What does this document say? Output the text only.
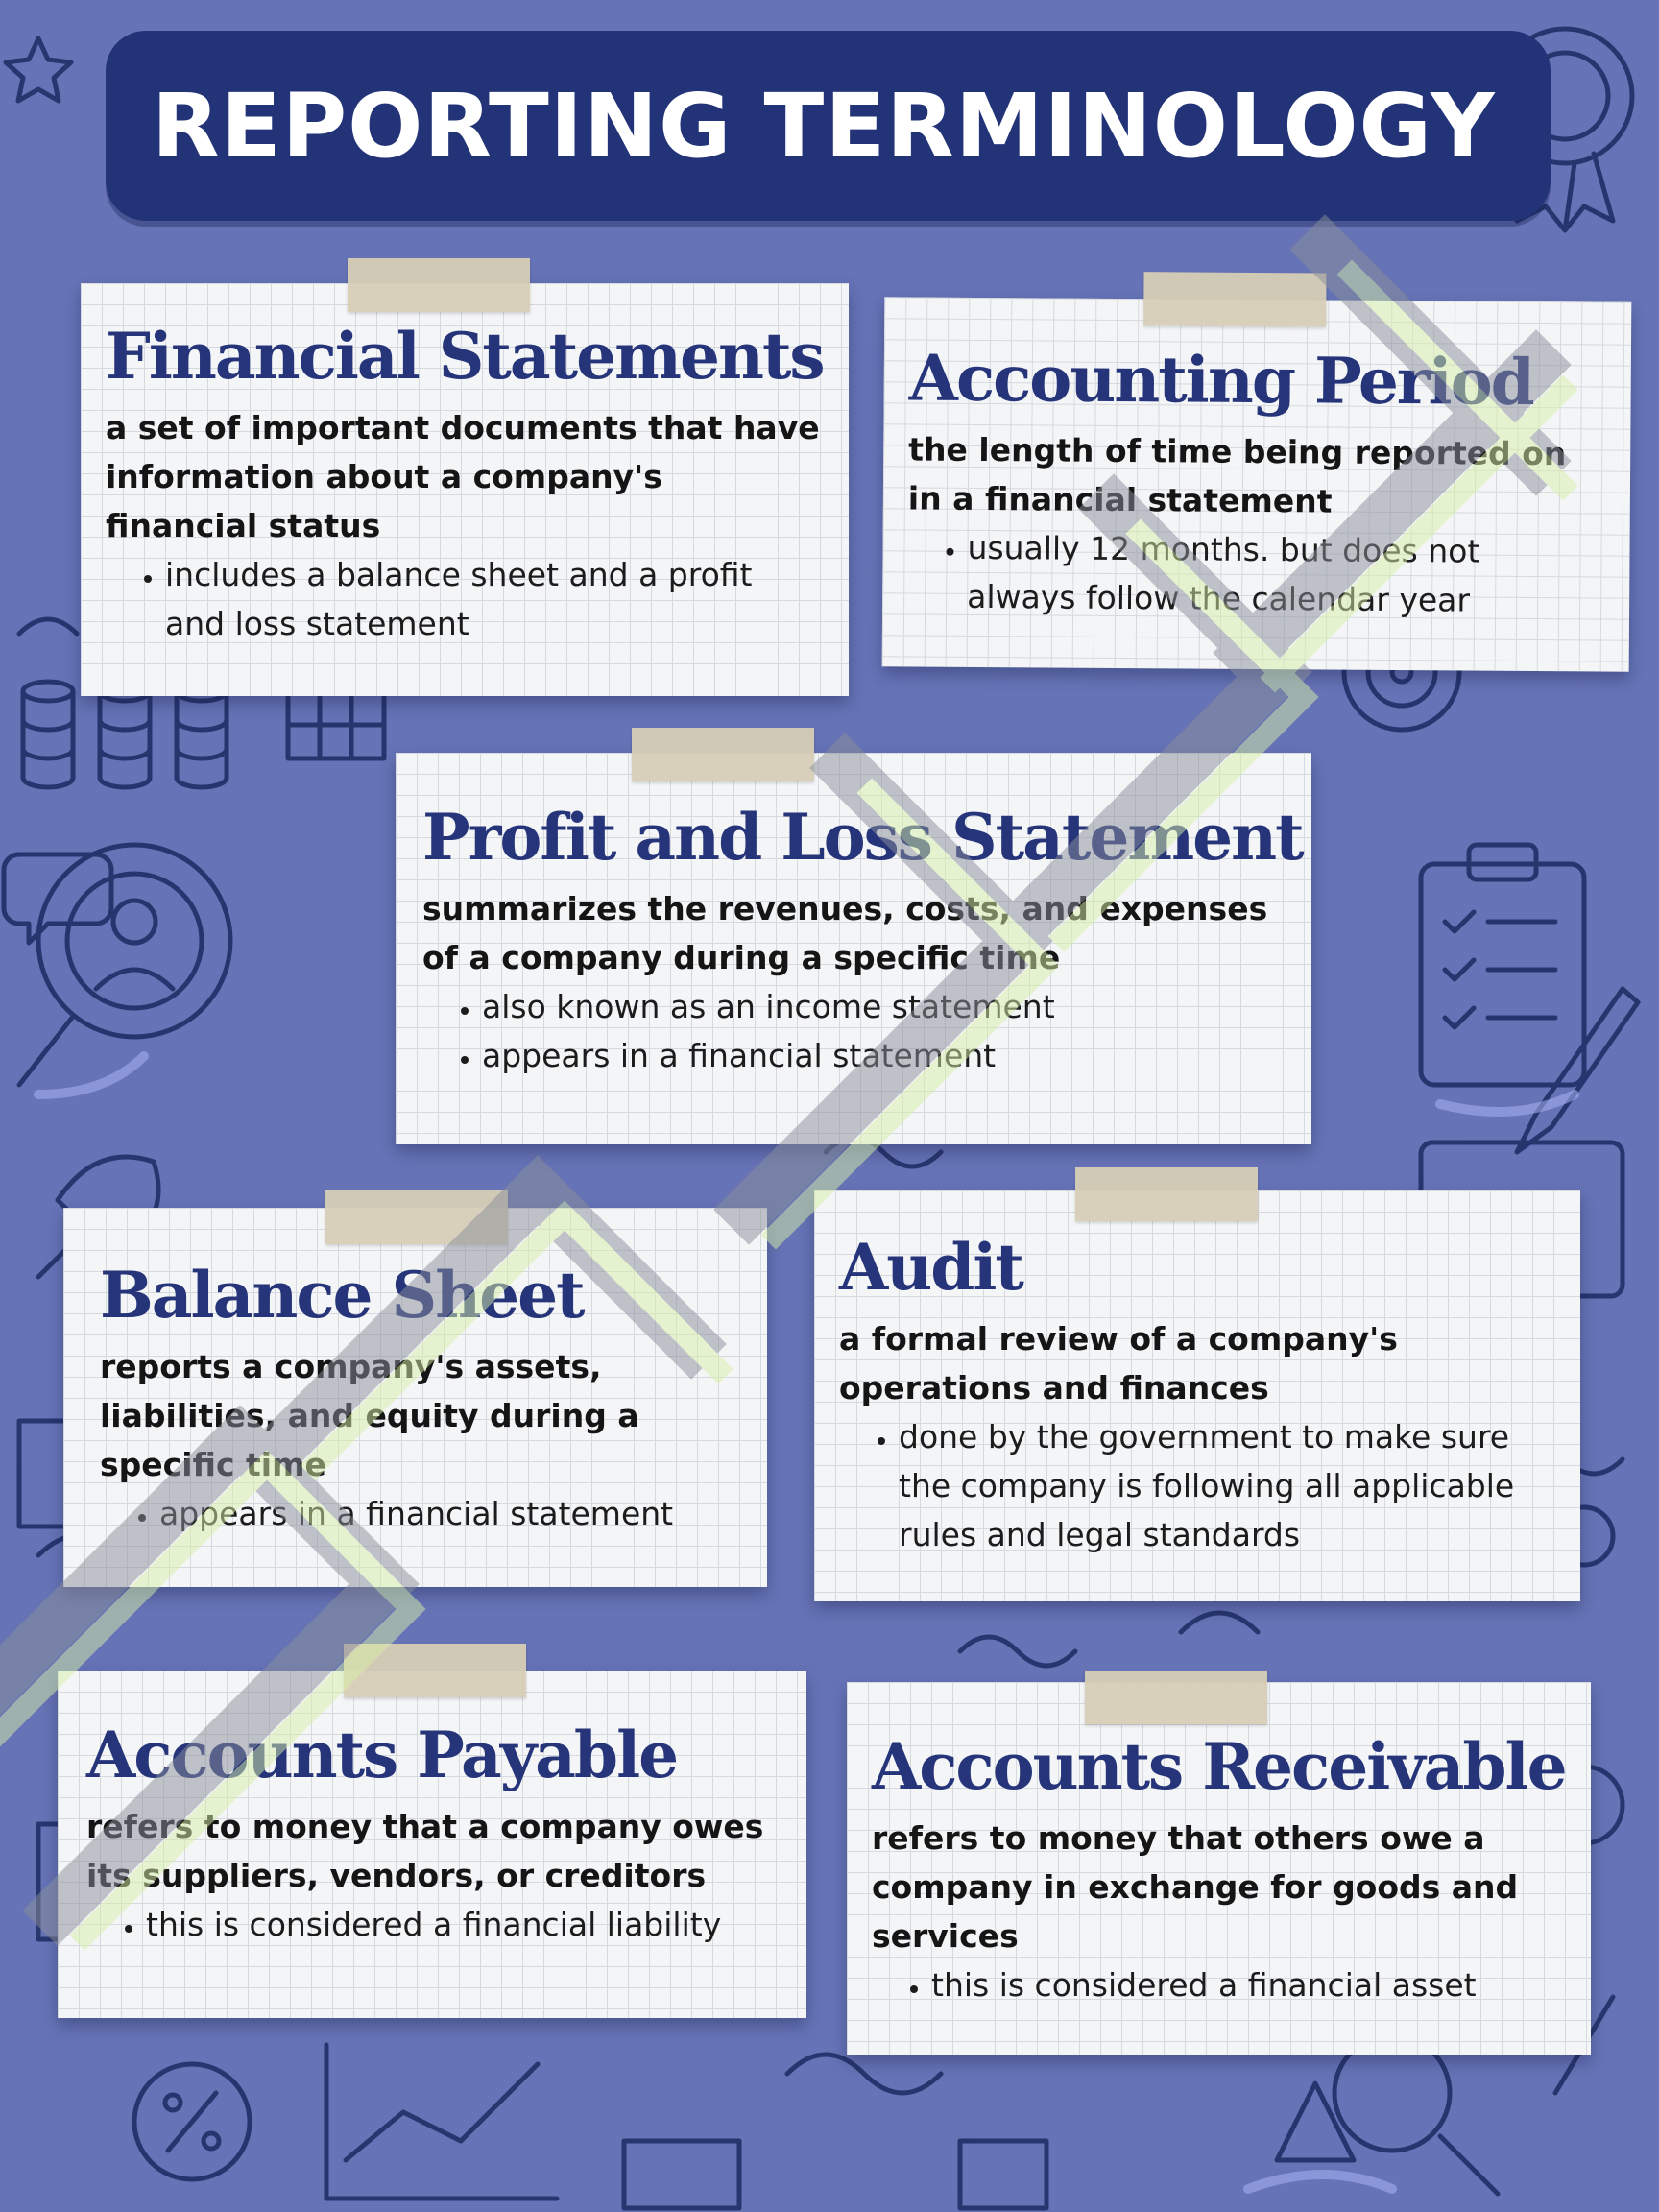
REPORTING TERMINOLOGY
Financial Statements

a set of important documents that have information about a company's financial status

• includes a balance sheet and a profit and loss statement
Accounting Period

the length of time being reported on in a financial statement

• usually 12 months. but does not always follow the calendar year
Profit and Loss Statement

summarizes the revenues, costs, and expenses of a company during a specific time

• also known as an income statement
• appears in a financial statement
Balance Sheet

reports a company's assets, liabilities, and equity during a specific time

• appears in a financial statement
Audit

a formal review of a company's operations and finances

• done by the government to make sure the company is following all applicable rules and legal standards
Accounts Payable

refers to money that a company owes its suppliers, vendors, or creditors

• this is considered a financial liability
Accounts Receivable

refers to money that others owe a company in exchange for goods and services

• this is considered a financial asset
